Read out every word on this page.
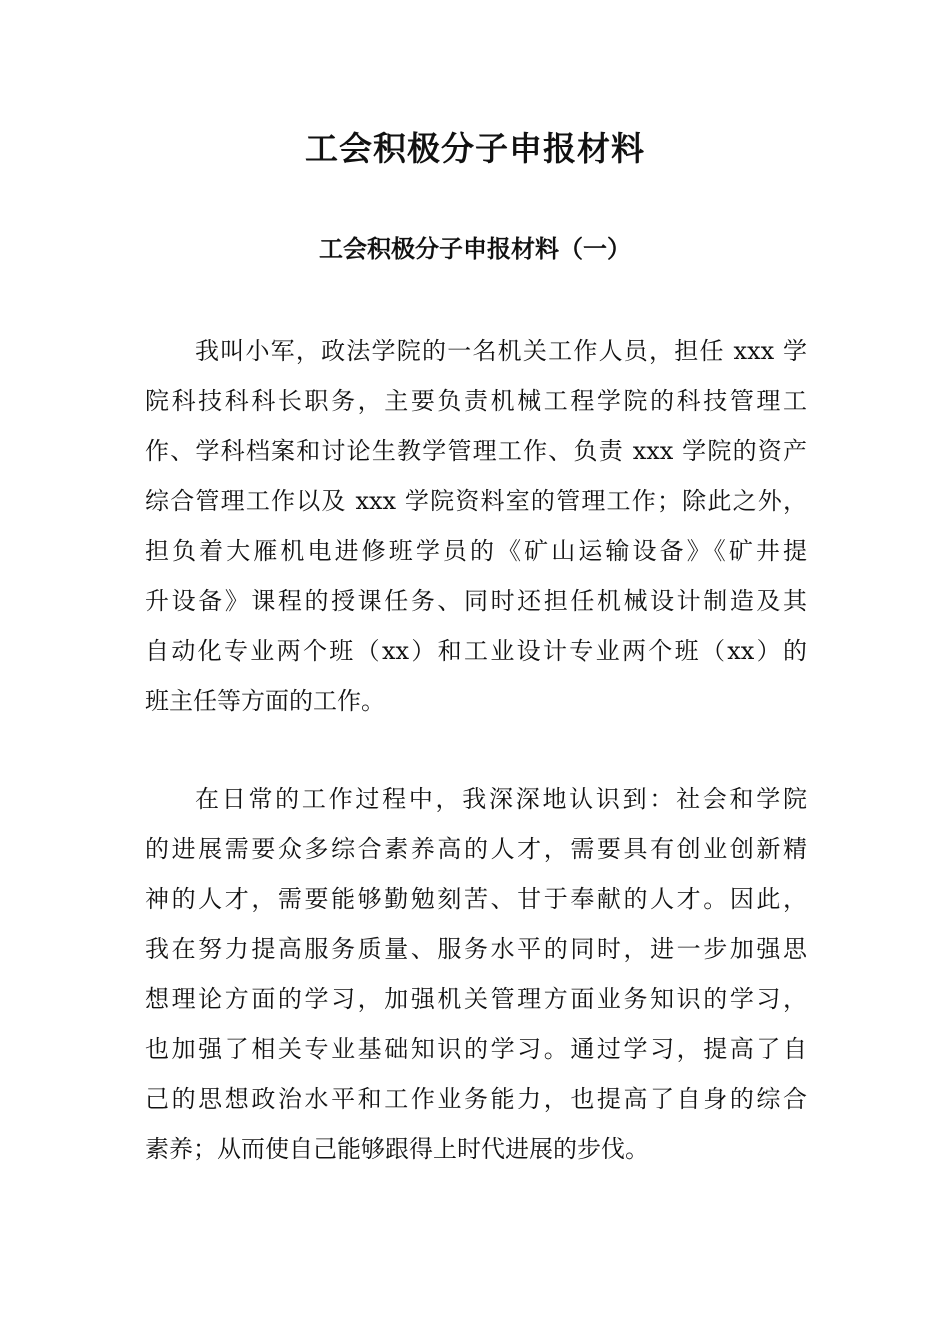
工会积极分子申报材料
工会积极分子申报材料（一）
我叫小军，政法学院的一名机关工作人员，担任 xxx 学
院科技科科长职务，主要负责机械工程学院的科技管理工
作、学科档案和讨论生教学管理工作、负责 xxx 学院的资产
综合管理工作以及 xxx 学院资料室的管理工作；除此之外，
担负着大雁机电进修班学员的《矿山运输设备》《矿井提
升设备》课程的授课任务、同时还担任机械设计制造及其
自动化专业两个班（xx）和工业设计专业两个班（xx）的
班主任等方面的工作。
在日常的工作过程中，我深深地认识到：社会和学院
的进展需要众多综合素养高的人才，需要具有创业创新精
神的人才，需要能够勤勉刻苦、甘于奉献的人才。因此，
我在努力提高服务质量、服务水平的同时，进一步加强思
想理论方面的学习，加强机关管理方面业务知识的学习，
也加强了相关专业基础知识的学习。通过学习，提高了自
己的思想政治水平和工作业务能力，也提高了自身的综合
素养；从而使自己能够跟得上时代进展的步伐。
